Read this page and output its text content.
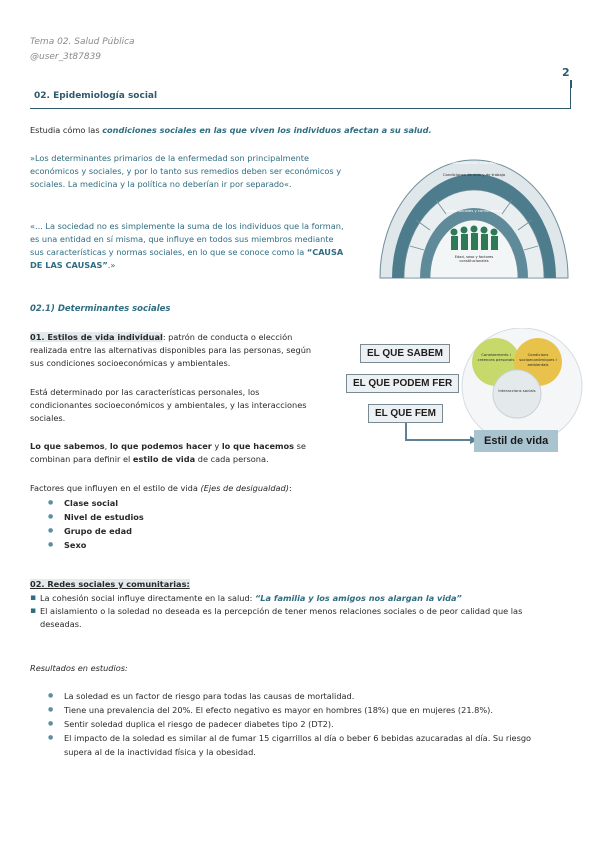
Tema 02. Salud Pública
@user_3t87839
2
02. Epidemiología social
Estudia cómo las condiciones sociales en las que viven los individuos afectan a su salud.
»Los determinantes primarios de la enfermedad son principalmente económicos y sociales, y por lo tanto sus remedios deben ser económicos y sociales. La medicina y la política no deberían ir por separado«.
«... La sociedad no es simplemente la suma de los individuos que la forman, es una entidad en sí misma, que influye en todos sus miembros mediante sus características y normas sociales, en lo que se conoce como la “CAUSA DE LAS CAUSAS”.»
Condiciones socioeconómicas, culturales y ambientales
Condiciones de vida y de trabajo
Redes sociales y comunitarias
Edad, sexo y factores constitucionales
02.1) Determinantes sociales
01. Estilos de vida individual: patrón de conducta o elección realizada entre las alternativas disponibles para las personas, según sus condiciones socioeconómicas y ambientales.
Está determinado por las características personales, los condicionantes socioeconómicos y ambientales, y las interacciones sociales.
Lo que sabemos, lo que podemos hacer y lo que hacemos se combinan para definir el estilo de vida de cada persona.
Factores que influyen en el estilo de vida (Ejes de desigualdad):
● Clase social
● Nivel de estudios
● Grupo de edad
● Sexo
EL QUE SABEM
EL QUE PODEM FER
EL QUE FEM
Estil de vida
Coneixements i creences personals
Condicions socioeconòmiques i ambientals
Interaccions socials
02. Redes sociales y comunitarias:
▪ La cohesión social influye directamente en la salud: “La familia y los amigos nos alargan la vida”
▪ El aislamiento o la soledad no deseada es la percepción de tener menos relaciones sociales o de peor calidad que las deseadas.
Resultados en estudios:
● La soledad es un factor de riesgo para todas las causas de mortalidad.
● Tiene una prevalencia del 20%. El efecto negativo es mayor en hombres (18%) que en mujeres (21.8%).
● Sentir soledad duplica el riesgo de padecer diabetes tipo 2 (DT2).
● El impacto de la soledad es similar al de fumar 15 cigarrillos al día o beber 6 bebidas azucaradas al día. Su riesgo supera al de la inactividad física y la obesidad.
